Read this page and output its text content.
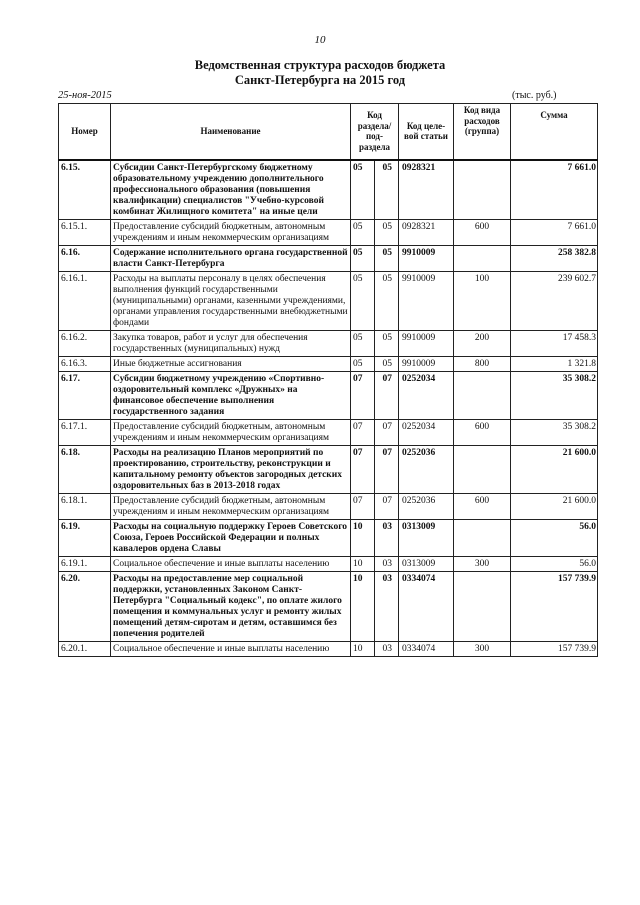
10
Ведомственная структура расходов бюджета
Санкт-Петербурга на 2015 год
25-ноя-2015	(тыс. руб.)
Номер	Наименование	Код раздела/ под-раздела		Код целе-вой статьи	Код вида расходов (группа)	Сумма
6.15.	Субсидии Санкт-Петербургскому бюджетному образовательному учреждению дополнительного профессионального образования (повышения квалификации) специалистов "Учебно-курсовой комбинат Жилищного комитета" на иные цели	05	05	0928321		7 661.0
6.15.1.	Предоставление субсидий бюджетным, автономным учреждениям и иным некоммерческим организациям	05	05	0928321	600	7 661.0
6.16.	Содержание исполнительного органа государственной власти Санкт-Петербурга	05	05	9910009		258 382.8
6.16.1.	Расходы на выплаты персоналу в целях обеспечения выполнения функций государственными (муниципальными) органами, казенными учреждениями, органами управления государственными внебюджетными фондами	05	05	9910009	100	239 602.7
6.16.2.	Закупка товаров, работ и услуг для обеспечения государственных (муниципальных) нужд	05	05	9910009	200	17 458.3
6.16.3.	Иные бюджетные ассигнования	05	05	9910009	800	1 321.8
6.17.	Субсидии бюджетному учреждению «Спортивно-оздоровительный комплекс «Дружных» на финансовое обеспечение выполнения государственного задания	07	07	0252034		35 308.2
6.17.1.	Предоставление субсидий бюджетным, автономным учреждениям и иным некоммерческим организациям	07	07	0252034	600	35 308.2
6.18.	Расходы на реализацию Планов мероприятий по проектированию, строительству, реконструкции и капитальному ремонту объектов загородных детских оздоровительных баз в 2013-2018 годах	07	07	0252036		21 600.0
6.18.1.	Предоставление субсидий бюджетным, автономным учреждениям и иным некоммерческим организациям	07	07	0252036	600	21 600.0
6.19.	Расходы на социальную поддержку Героев Советского Союза, Героев Российской Федерации и полных кавалеров ордена Славы	10	03	0313009		56.0
6.19.1.	Социальное обеспечение и иные выплаты населению	10	03	0313009	300	56.0
6.20.	Расходы на предоставление мер социальной поддержки, установленных Законом Санкт-Петербурга "Социальный кодекс", по оплате жилого помещения и коммунальных услуг и ремонту жилых помещений детям-сиротам и детям, оставшимся без попечения родителей	10	03	0334074		157 739.9
6.20.1.	Социальное обеспечение и иные выплаты населению	10	03	0334074	300	157 739.9
